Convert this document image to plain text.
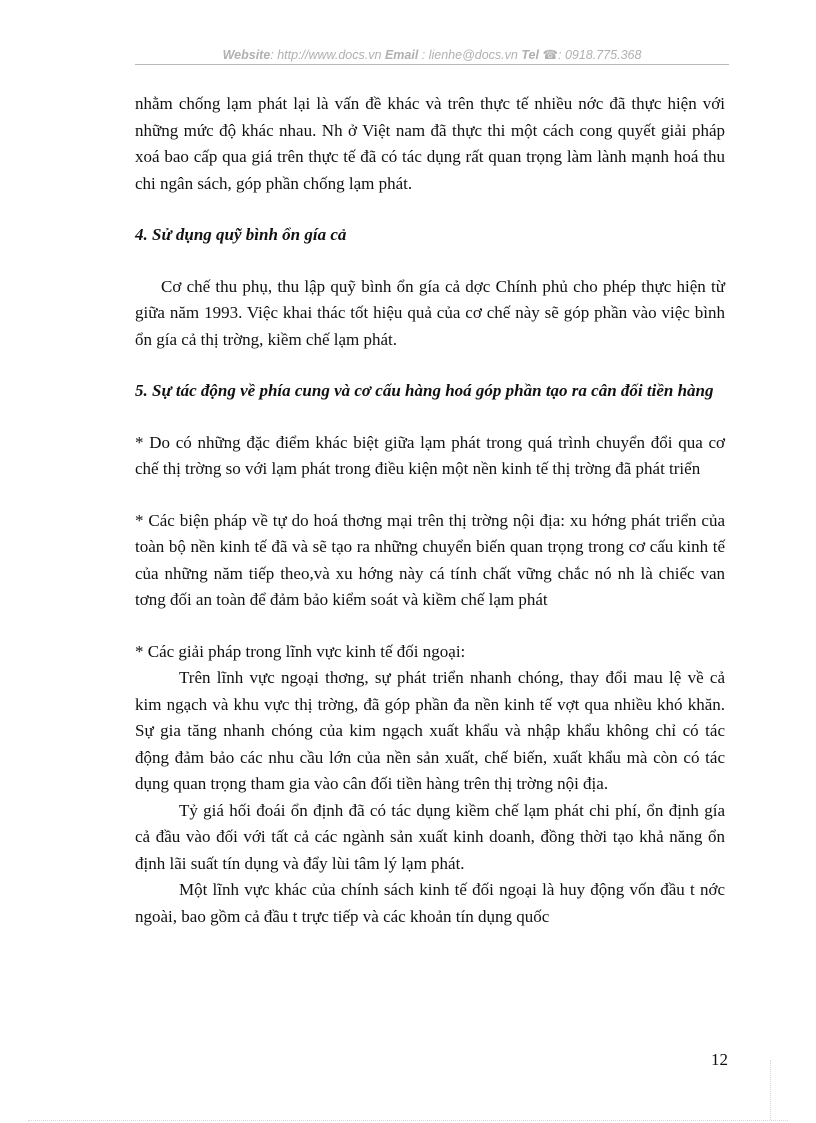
Website: http://www.docs.vn Email : lienhe@docs.vn Tel ☎: 0918.775.368

nhằm chống lạm phát lại là vấn đề khác và trên thực tế nhiều nớc đã thực hiện với những mức độ khác nhau. Nh ở Việt nam đã thực thi một cách cong quyết giải pháp xoá bao cấp qua giá trên thực tế đã có tác dụng rất quan trọng làm lành mạnh hoá thu chi ngân sách, góp phần chống lạm phát.

4. Sử dụng quỹ bình ổn gía cả

Cơ chế thu phụ, thu lập quỹ bình ổn gía cả dợc Chính phủ cho phép thực hiện từ giữa năm 1993. Việc khai thác tốt hiệu quả của cơ chế này sẽ góp phần vào việc bình ổn gía cả thị trờng, kiềm chế lạm phát.

5. Sự tác động về phía cung và cơ cấu hàng hoá góp phần tạo ra cân đối tiền hàng

* Do có những đặc điểm khác biệt giữa lạm phát trong quá trình chuyển đổi qua cơ chế thị trờng so với lạm phát trong điều kiện một nền kinh tế thị trờng đã phát triển

* Các biện pháp về tự do hoá thơng mại trên thị trờng nội địa: xu hớng phát triển của toàn bộ nền kinh tế đã và sẽ tạo ra những chuyển biến quan trọng trong cơ cấu kinh tế của những năm tiếp theo,và xu hớng này cá tính chất vững chắc nó nh là chiếc van tơng đối an toàn để đảm bảo kiểm soát và kiềm chế lạm phát

* Các giải pháp trong lĩnh vực kinh tế đối ngoại:

Trên lĩnh vực ngoại thơng, sự phát triển nhanh chóng, thay đổi mau lệ về cả kim ngạch và khu vực thị trờng, đã góp phần đa nền kinh tế vợt qua nhiều khó khăn. Sự gia tăng nhanh chóng của kim ngạch xuất khẩu và nhập khẩu không chỉ có tác động đảm bảo các nhu cầu lớn của nền sản xuất, chế biến, xuất khẩu mà còn có tác dụng quan trọng tham gia vào cân đối tiền hàng trên thị trờng nội địa.

Tỷ giá hối đoái ổn định đã có tác dụng kiềm chế lạm phát chi phí, ổn định gía cả đầu vào đối với tất cả các ngành sản xuất kinh doanh, đồng thời tạo khả năng ổn định lãi suất tín dụng và đẩy lùi tâm lý lạm phát.

Một lĩnh vực khác của chính sách kinh tế đối ngoại là huy động vốn đầu t nớc ngoài, bao gồm cả đầu t trực tiếp và các khoản tín dụng quốc

12
